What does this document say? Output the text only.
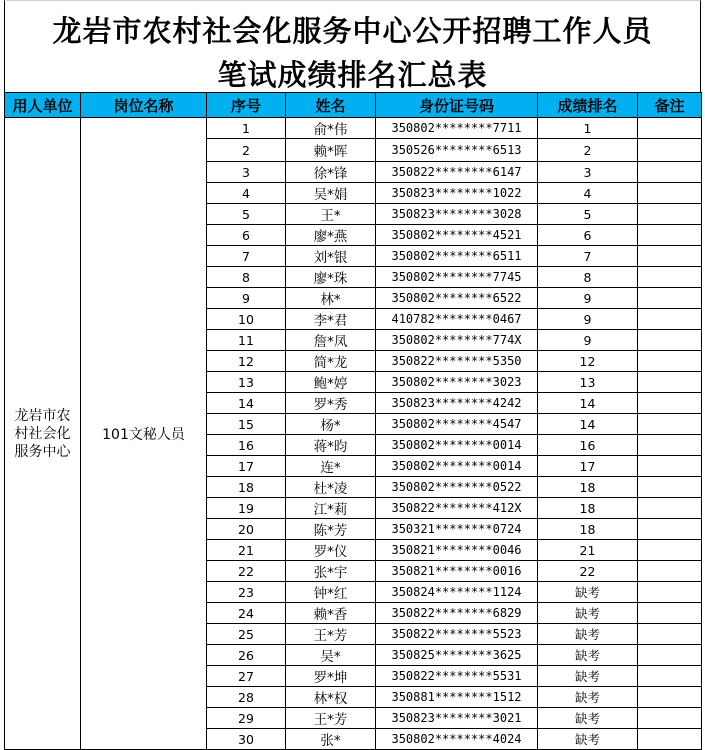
龙岩市农村社会化服务中心公开招聘工作人员
笔试成绩排名汇总表
用人单位	岗位名称	序号	姓名	身份证号码	成绩排名	备注
龙岩市农村社会化服务中心	101文秘人员	1	俞*伟	350802********7711	1	
		2	赖*晖	350526********6513	2	
		3	徐*锋	350822********6147	3	
		4	吴*娟	350823********1022	4	
		5	王*	350823********3028	5	
		6	廖*燕	350802********4521	6	
		7	刘*银	350802********6511	7	
		8	廖*珠	350802********7745	8	
		9	林*	350802********6522	9	
		10	李*君	410782********0467	9	
		11	詹*凤	350802********774X	9	
		12	简*龙	350822********5350	12	
		13	鲍*婷	350802********3023	13	
		14	罗*秀	350823********4242	14	
		15	杨*	350802********4547	14	
		16	蒋*昀	350802********0014	16	
		17	连*	350802********0014	17	
		18	杜*凌	350802********0522	18	
		19	江*莉	350822********412X	18	
		20	陈*芳	350321********0724	18	
		21	罗*仪	350821********0046	21	
		22	张*宇	350821********0016	22	
		23	钟*红	350824********1124	缺考	
		24	赖*香	350822********6829	缺考	
		25	王*芳	350822********5523	缺考	
		26	吴*	350825********3625	缺考	
		27	罗*坤	350822********5531	缺考	
		28	林*权	350881********1512	缺考	
		29	王*芳	350823********3021	缺考	
		30	张*	350802********4024	缺考	
